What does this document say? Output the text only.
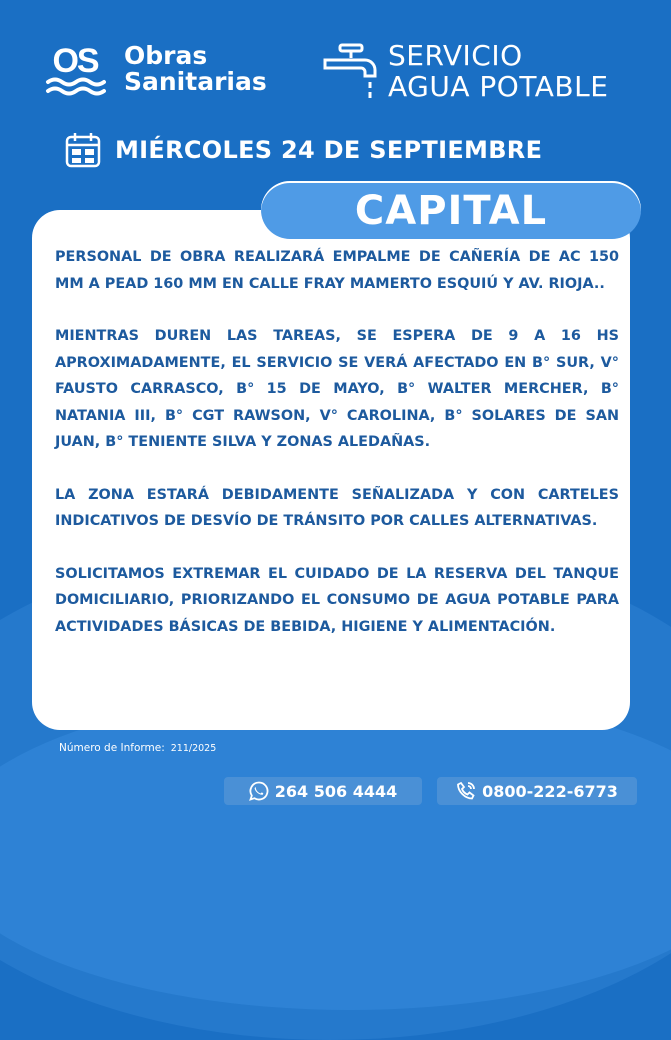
OS Obras
Sanitarias
SERVICIO
AGUA POTABLE
MIÉRCOLES 24 DE SEPTIEMBRE
CAPITAL

PERSONAL DE OBRA REALIZARÁ EMPALME DE CAÑERÍA DE AC 150 MM A PEAD 160 MM EN CALLE FRAY MAMERTO ESQUIÚ Y AV. RIOJA..

MIENTRAS DUREN LAS TAREAS, SE ESPERA DE 9 A 16 HS APROXIMADAMENTE, EL SERVICIO SE VERÁ AFECTADO EN B° SUR, V° FAUSTO CARRASCO, B° 15 DE MAYO, B° WALTER MERCHER, B° NATANIA III, B° CGT RAWSON, V° CAROLINA, B° SOLARES DE SAN JUAN, B° TENIENTE SILVA Y ZONAS ALEDAÑAS.

LA ZONA ESTARÁ DEBIDAMENTE SEÑALIZADA Y CON CARTELES INDICATIVOS DE DESVÍO DE TRÁNSITO POR CALLES ALTERNATIVAS.

SOLICITAMOS EXTREMAR EL CUIDADO DE LA RESERVA DEL TANQUE DOMICILIARIO, PRIORIZANDO EL CONSUMO DE AGUA POTABLE PARA ACTIVIDADES BÁSICAS DE BEBIDA, HIGIENE Y ALIMENTACIÓN.

Número de Informe: 211/2025
264 506 4444	0800-222-6773
